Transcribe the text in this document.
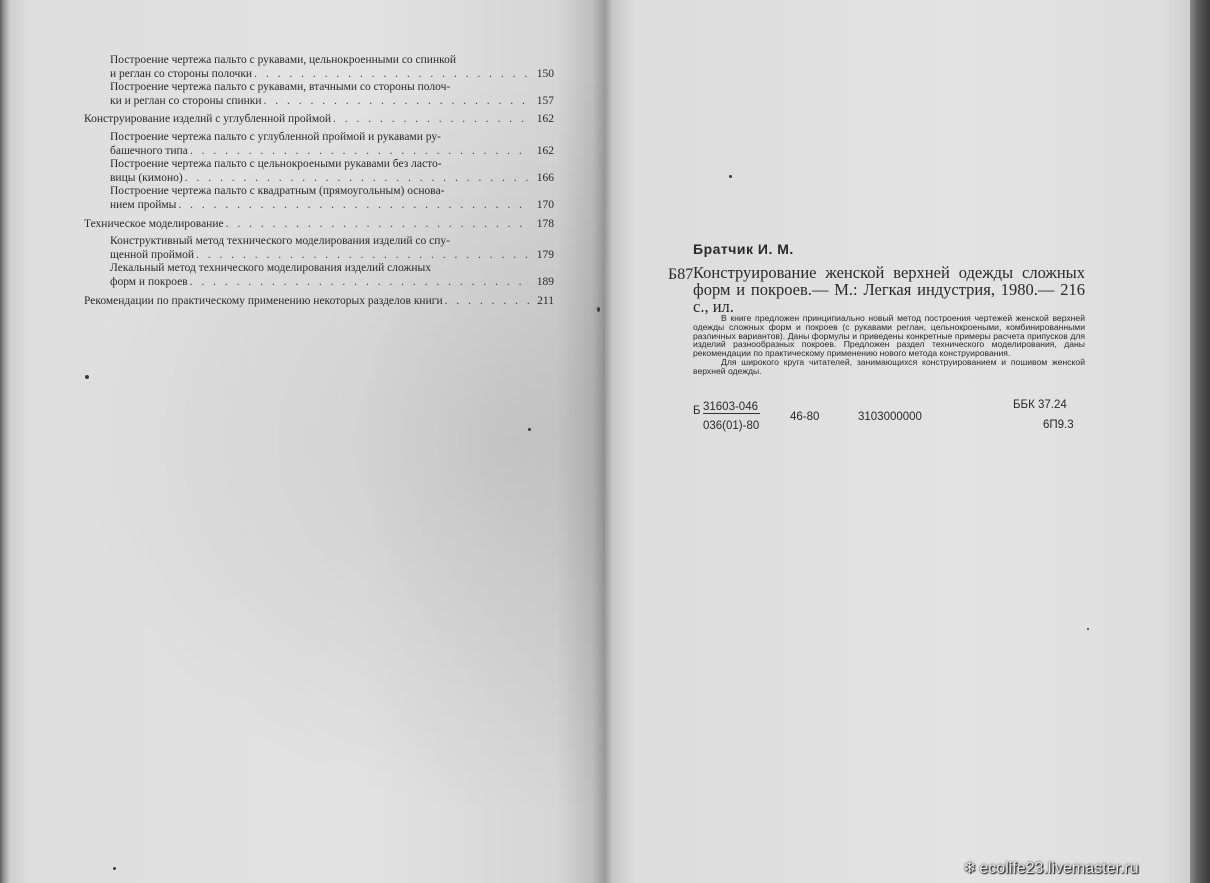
Построение чертежа пальто с рукавами, цельнокроенными со спинкой
и реглан со стороны полочки . . .	150
Построение чертежа пальто с рукавами, втачными со стороны полоч-
ки и реглан со стороны спинки . . .	157
Конструирование изделий с углубленной проймой . . .	162
Построение чертежа пальто с углубленной проймой и рукавами ру-
башечного типа . . .	162
Построение чертежа пальто с цельнокроеными рукавами без ласто-
вицы (кимоно) . . .	166
Построение чертежа пальто с квадратным (прямоугольным) основа-
нием проймы . . .	170
Техническое моделирование . . .	178
Конструктивный метод технического моделирования изделий со спу-
щенной проймой . . .	179
Лекальный метод технического моделирования изделий сложных
форм и покроев . . .	189
Рекомендации по практическому применению некоторых разделов книги . . .	211
Братчик И. М.
Б87 Конструирование женской верхней одежды сложных форм и покроев.— М.: Легкая индустрия, 1980.— 216 с., ил.

В книге предложен принципиально новый метод построения чертежей женской верхней одежды сложных форм и покроев (с рукавами реглан, цельнокроеными, комбинированными различных вариантов). Даны формулы и приведены конкретные примеры расчета припусков для изделий разнообразных покроев. Предложен раздел технического моделирования, даны рекомендации по практическому применению нового метода конструирования.

Для широкого круга читателей, занимающихся конструированием и пошивом женской верхней одежды.

Б 31603-046
036(01)-80
46-80	3103000000
ББК 37.24
6П9.3
❄ ecolife23.livemaster.ru
